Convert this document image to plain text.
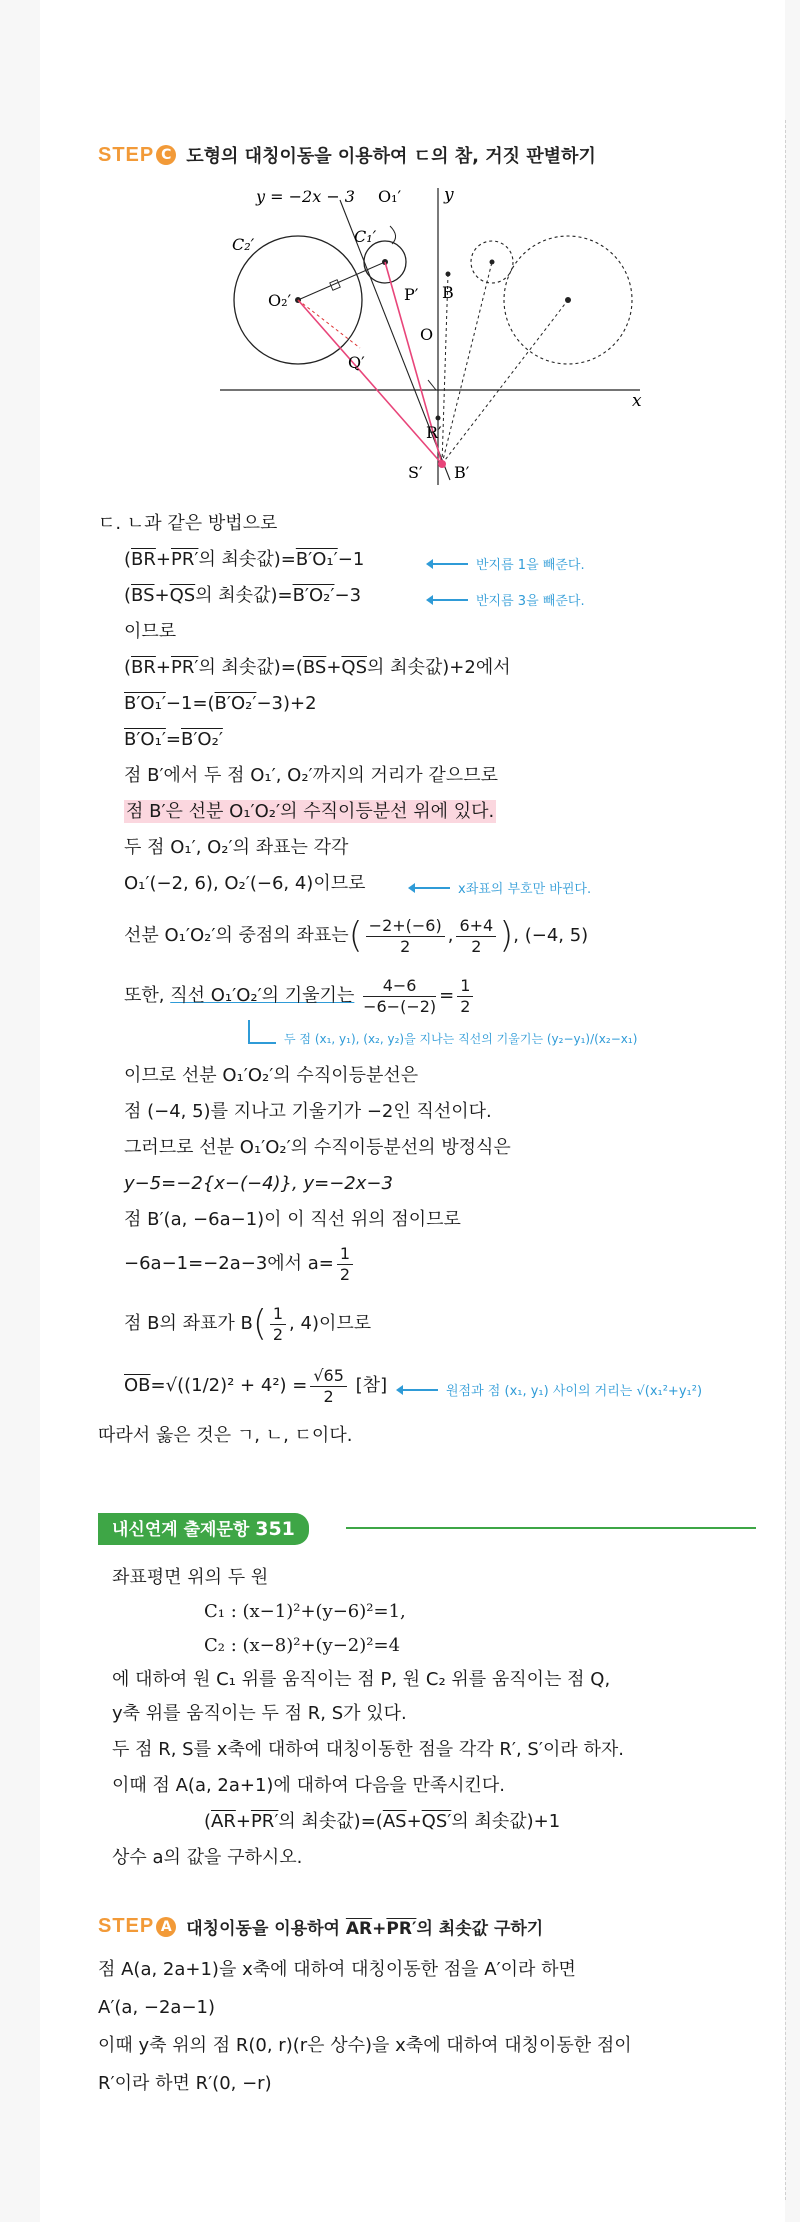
STEP C 도형의 대칭이동을 이용하여 ㄷ의 참, 거짓 판별하기
x
y
y = −2x − 3 O₁′
C₂′	C₁′
O₂′	P′ B
O
Q′
R′
S′ B′
ㄷ. ㄴ과 같은 방법으로
($\overline{BR}+PR'$의 최솟값)=B′O₁′−1	반지름 1을 빼준다.
($\overline{BS}+\overline{QS}$의 최솟값)=B′O₂′−3	반지름 3을 빼준다.
이므로
($\overline{BR}+PR'$의 최솟값)$=(\overline{BS}+\overline{QS}$의 최솟값)+2에서
B′O₁′−1=(B′O₂′−3)+2
B′O₁′=B′O₂′
점 B′에서 두 점 O₁′, O₂′까지의 거리가 같으므로
점 B′은 선분 O₁′O₂′의 수직이등분선 위에 있다.
두 점 O₁′, O₂′의 좌표는 각각
O₁′(−2, 6), O₂′(−6, 4)이므로	x좌표의 부호만 바뀐다.
선분 O₁′O₂′의 중점의 좌표는( $\frac{-2+(-6)}{2}$ , $\frac{6+4}{2}$ ), (−4, 5)
또한, 직선 O₁′O₂′의 기울기는 $\frac{4-6}{-6-(-2)} = \frac{1}{2}$
두 점 (x₁, y₁), (x₂, y₂)을 지나는 직선의 기울기는 (y₂−y₁)/(x₂−x₁)
이므로 선분 O₁′O₂′의 수직이등분선은
점 (−4, 5)를 지나고 기울기가 −2인 직선이다.
그러므로 선분 O₁′O₂′의 수직이등분선의 방정식은
y−5=−2{x−(−4)}, y=−2x−3
점 B′(a, −6a−1)이 이 직선 위의 점이므로
−6a−1=−2a−3에서 $a= \frac{1}{2}$
점 B의 좌표가 $B( \frac{1}{2}$ , 4)이므로
$\overline{OB}=√((1/2)^2 + 4^2) = \frac{√65}{2}$ [참]	원점과 점 (x₁, y₁) 사이의 거리는 √(x₁²+y₁²)
따라서 옳은 것은 ㄱ, ㄴ, ㄷ이다.
내신연계 출제문항 351
좌표평면 위의 두 원
C₁ : (x−1)²+(y−6)²=1,
C₂ : (x−8)²+(y−2)²=4
에 대하여 원 C₁ 위를 움직이는 점 P, 원 C₂ 위를 움직이는 점 Q,
y축 위를 움직이는 두 점 R, S가 있다.
두 점 R, S를 x축에 대하여 대칭이동한 점을 각각 R′, S′이라 하자.
이때 점 A(a, 2a+1)에 대하여 다음을 만족시킨다.
($\overline{AR}+PR'$의 최솟값)$=(\overline{AS}+QS'$의 최솟값)+1
상수 a의 값을 구하시오.
STEP A 대칭이동을 이용하여 $\overline{AR}+PR'$의 최솟값 구하기
점 A(a, 2a+1)을 x축에 대하여 대칭이동한 점을 A′이라 하면
A′(a, −2a−1)
이때 y축 위의 점 R(0, r)(r은 상수)을 x축에 대하여 대칭이동한 점이
R′이라 하면 R′(0, −r)
